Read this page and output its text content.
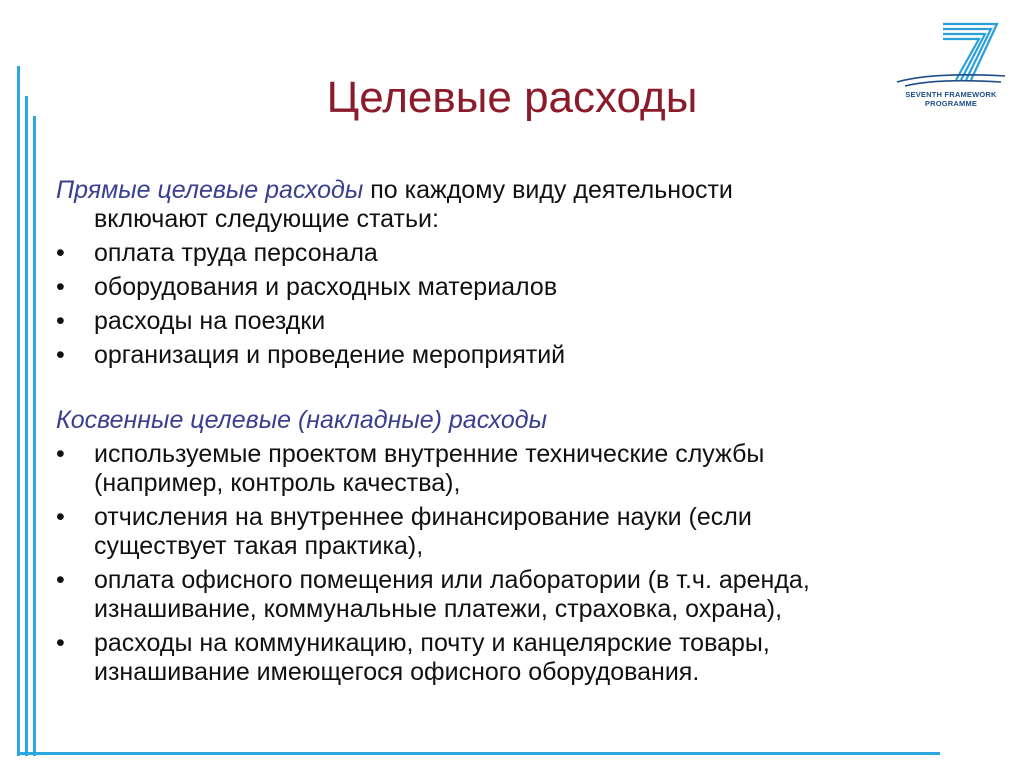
SEVENTH FRAMEWORK
PROGRAMME
Целевые расходы
Прямые целевые расходы по каждому виду деятельности
включают следующие статьи:
• оплата труда персонала
• оборудования и расходных материалов
• расходы на поездки
• организация и проведение мероприятий
Косвенные целевые (накладные) расходы
• используемые проектом внутренние технические службы
(например, контроль качества),
• отчисления на внутреннее финансирование науки (если
существует такая практика),
• оплата офисного помещения или лаборатории (в т.ч. аренда,
изнашивание, коммунальные платежи, страховка, охрана),
• расходы на коммуникацию, почту и канцелярские товары,
изнашивание имеющегося офисного оборудования.
